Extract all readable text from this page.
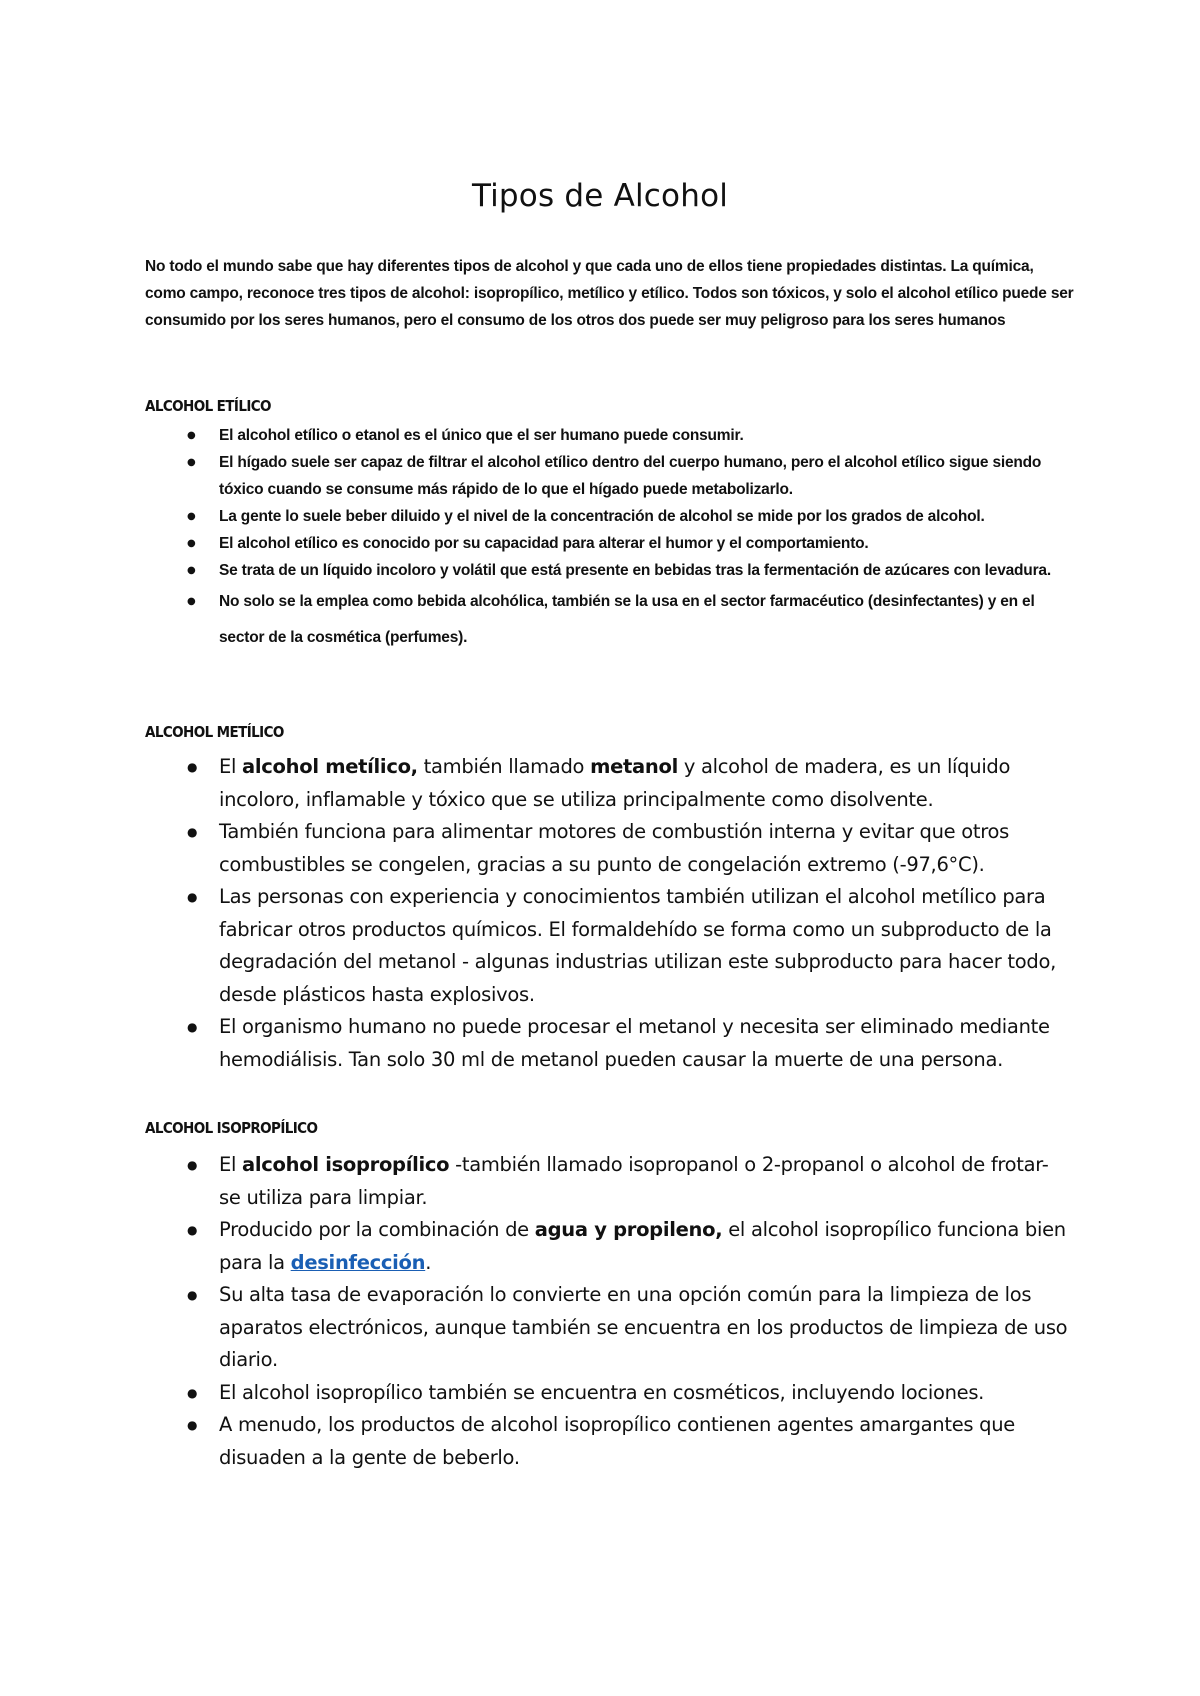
Tipos de Alcohol

No todo el mundo sabe que hay diferentes tipos de alcohol y que cada uno de ellos tiene propiedades distintas. La química, como campo, reconoce tres tipos de alcohol: isopropílico, metílico y etílico. Todos son tóxicos, y solo el alcohol etílico puede ser consumido por los seres humanos, pero el consumo de los otros dos puede ser muy peligroso para los seres humanos

ALCOHOL ETÍLICO
● El alcohol etílico o etanol es el único que el ser humano puede consumir.
● El hígado suele ser capaz de filtrar el alcohol etílico dentro del cuerpo humano, pero el alcohol etílico sigue siendo tóxico cuando se consume más rápido de lo que el hígado puede metabolizarlo.
● La gente lo suele beber diluido y el nivel de la concentración de alcohol se mide por los grados de alcohol.
● El alcohol etílico es conocido por su capacidad para alterar el humor y el comportamiento.
● Se trata de un líquido incoloro y volátil que está presente en bebidas tras la fermentación de azúcares con levadura.
● No solo se la emplea como bebida alcohólica, también se la usa en el sector farmacéutico (desinfectantes) y en el sector de la cosmética (perfumes).
ALCOHOL METÍLICO
● El alcohol metílico, también llamado metanol y alcohol de madera, es un líquido incoloro, inflamable y tóxico que se utiliza principalmente como disolvente.
● También funciona para alimentar motores de combustión interna y evitar que otros combustibles se congelen, gracias a su punto de congelación extremo (-97,6°C).
● Las personas con experiencia y conocimientos también utilizan el alcohol metílico para fabricar otros productos químicos. El formaldehído se forma como un subproducto de la degradación del metanol - algunas industrias utilizan este subproducto para hacer todo, desde plásticos hasta explosivos.
● El organismo humano no puede procesar el metanol y necesita ser eliminado mediante hemodiálisis. Tan solo 30 ml de metanol pueden causar la muerte de una persona.
ALCOHOL ISOPROPÍLICO
● El alcohol isopropílico -también llamado isopropanol o 2-propanol o alcohol de frotar- se utiliza para limpiar.
● Producido por la combinación de agua y propileno, el alcohol isopropílico funciona bien para la desinfección.
● Su alta tasa de evaporación lo convierte en una opción común para la limpieza de los aparatos electrónicos, aunque también se encuentra en los productos de limpieza de uso diario.
● El alcohol isopropílico también se encuentra en cosméticos, incluyendo lociones.
● A menudo, los productos de alcohol isopropílico contienen agentes amargantes que disuaden a la gente de beberlo.
